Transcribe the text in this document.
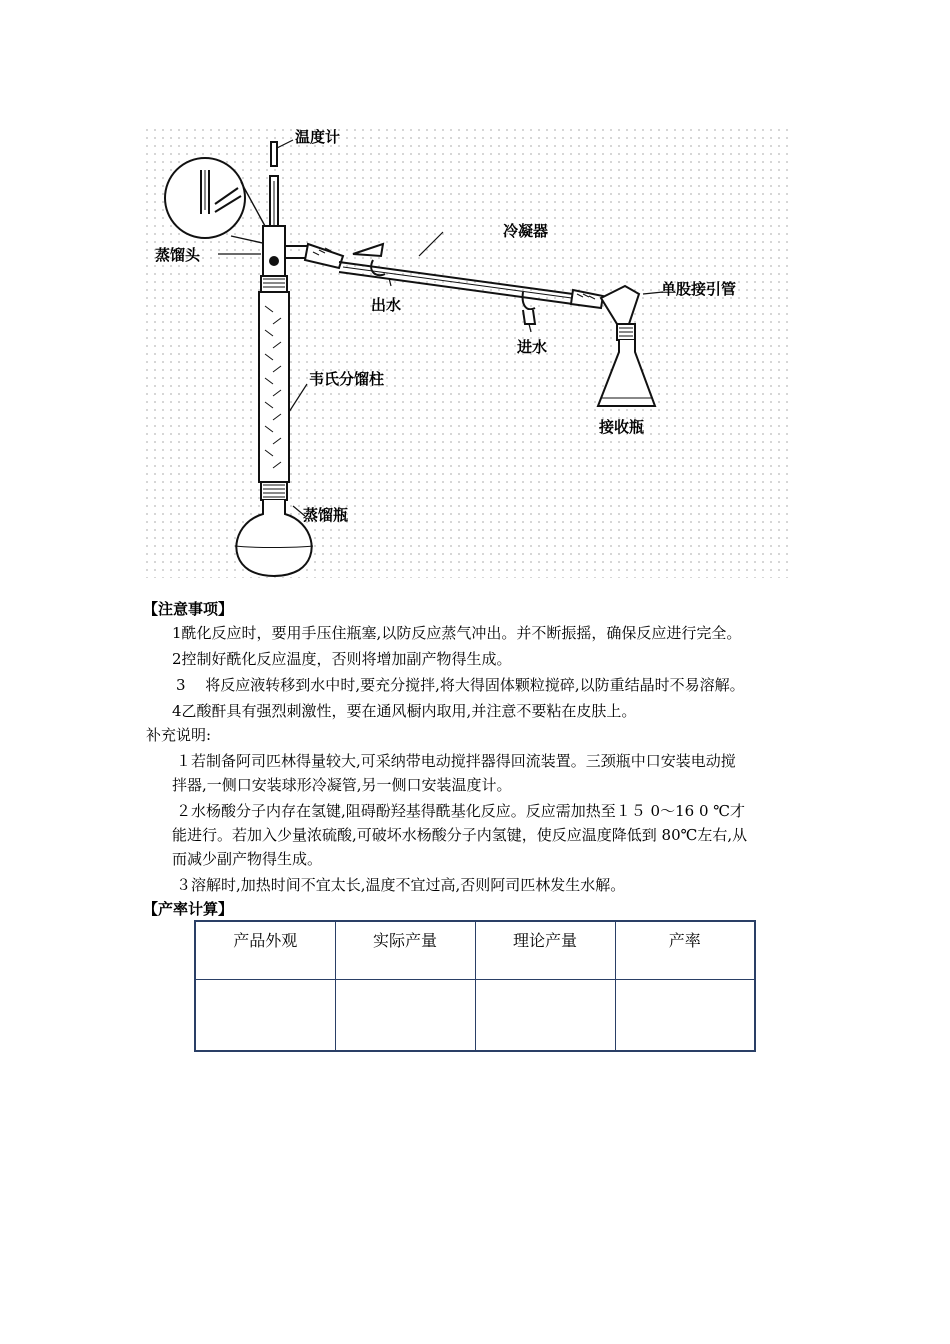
温度计
蒸馏头
冷凝器
出水
进水
单股接引管
韦氏分馏柱
接收瓶
蒸馏瓶
【注意事项】
1酰化反应时，要用手压住瓶塞,以防反应蒸气冲出。并不断振摇，确保反应进行完全。
2控制好酰化反应温度，否则将增加副产物得生成。
3　 将反应液转移到水中时,要充分搅拌,将大得固体颗粒搅碎,以防重结晶时不易溶解。
4乙酸酐具有强烈刺激性，要在通风橱内取用,并注意不要粘在皮肤上。
补充说明:
１若制备阿司匹林得量较大,可采纳带电动搅拌器得回流装置。三颈瓶中口安装电动搅
拌器,一侧口安装球形冷凝管,另一侧口安装温度计。
２水杨酸分子内存在氢键,阻碍酚羟基得酰基化反应。反应需加热至１５ 0～16 0 ℃才
能进行。若加入少量浓硫酸,可破坏水杨酸分子内氢键，使反应温度降低到 80℃左右,从
而减少副产物得生成。
３溶解时,加热时间不宜太长,温度不宜过高,否则阿司匹林发生水解。
【产率计算】
产品外观	实际产量	理论产量	产率
